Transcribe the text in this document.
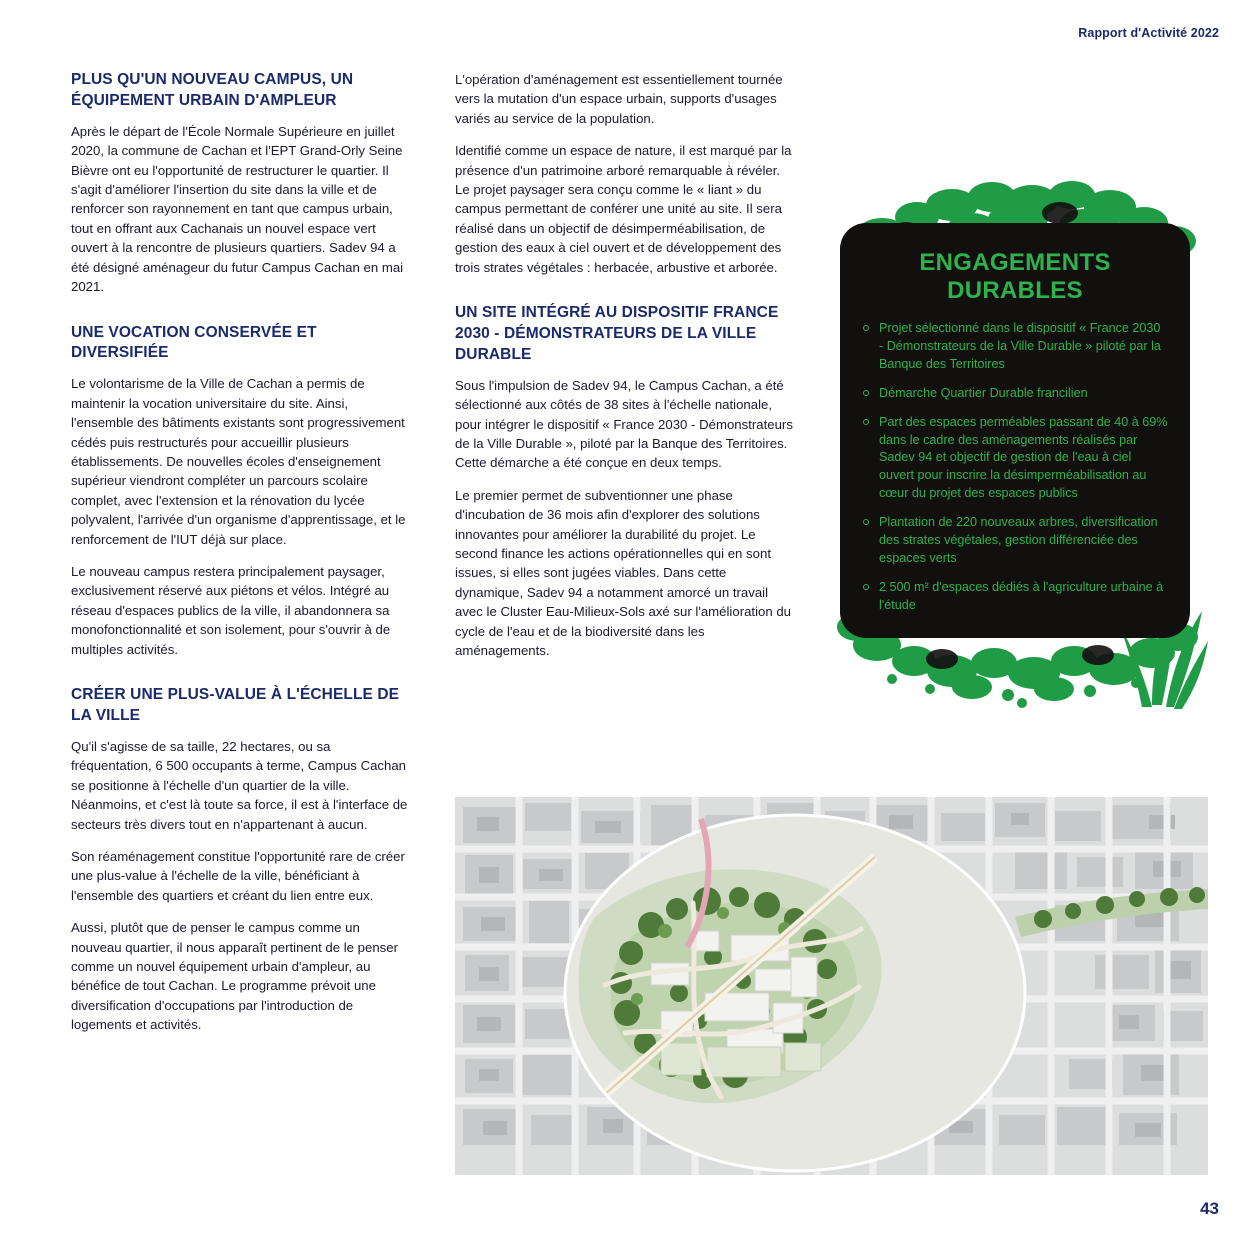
Rapport d'Activité 2022
PLUS QU'UN NOUVEAU CAMPUS, UN ÉQUIPEMENT URBAIN D'AMPLEUR

Après le départ de l'École Normale Supérieure en juillet 2020, la commune de Cachan et l'EPT Grand-Orly Seine Bièvre ont eu l'opportunité de restructurer le quartier. Il s'agit d'améliorer l'insertion du site dans la ville et de renforcer son rayonnement en tant que campus urbain, tout en offrant aux Cachanais un nouvel espace vert ouvert à la rencontre de plusieurs quartiers. Sadev 94 a été désigné aménageur du futur Campus Cachan en mai 2021.

UNE VOCATION CONSERVÉE ET DIVERSIFIÉE

Le volontarisme de la Ville de Cachan a permis de maintenir la vocation universitaire du site. Ainsi, l'ensemble des bâtiments existants sont progressivement cédés puis restructurés pour accueillir plusieurs établissements. De nouvelles écoles d'enseignement supérieur viendront compléter un parcours scolaire complet, avec l'extension et la rénovation du lycée polyvalent, l'arrivée d'un organisme d'apprentissage, et le renforcement de l'IUT déjà sur place.

Le nouveau campus restera principalement paysager, exclusivement réservé aux piétons et vélos. Intégré au réseau d'espaces publics de la ville, il abandonnera sa monofonctionnalité et son isolement, pour s'ouvrir à de multiples activités.

CRÉER UNE PLUS-VALUE À L'ÉCHELLE DE LA VILLE

Qu'il s'agisse de sa taille, 22 hectares, ou sa fréquentation, 6 500 occupants à terme, Campus Cachan se positionne à l'échelle d'un quartier de la ville. Néanmoins, et c'est là toute sa force, il est à l'interface de secteurs très divers tout en n'appartenant à aucun.

Son réaménagement constitue l'opportunité rare de créer une plus-value à l'échelle de la ville, bénéficiant à l'ensemble des quartiers et créant du lien entre eux.

Aussi, plutôt que de penser le campus comme un nouveau quartier, il nous apparaît pertinent de le penser comme un nouvel équipement urbain d'ampleur, au bénéfice de tout Cachan. Le programme prévoit une diversification d'occupations par l'introduction de logements et activités.

L'opération d'aménagement est essentiellement tournée vers la mutation d'un espace urbain, supports d'usages variés au service de la population.

Identifié comme un espace de nature, il est marqué par la présence d'un patrimoine arboré remarquable à révéler. Le projet paysager sera conçu comme le « liant » du campus permettant de conférer une unité au site. Il sera réalisé dans un objectif de désimperméabilisation, de gestion des eaux à ciel ouvert et de développement des trois strates végétales : herbacée, arbustive et arborée.

UN SITE INTÉGRÉ AU DISPOSITIF FRANCE 2030 - DÉMONSTRATEURS DE LA VILLE DURABLE

Sous l'impulsion de Sadev 94, le Campus Cachan, a été sélectionné aux côtés de 38 sites à l'échelle nationale, pour intégrer le dispositif « France 2030 - Démonstrateurs de la Ville Durable », piloté par la Banque des Territoires. Cette démarche a été conçue en deux temps.

Le premier permet de subventionner une phase d'incubation de 36 mois afin d'explorer des solutions innovantes pour améliorer la durabilité du projet. Le second finance les actions opérationnelles qui en sont issues, si elles sont jugées viables. Dans cette dynamique, Sadev 94 a notamment amorcé un travail avec le Cluster Eau-Milieux-Sols axé sur l'amélioration du cycle de l'eau et de la biodiversité dans les aménagements.

ENGAGEMENTS DURABLES
Projet sélectionné dans le dispositif « France 2030 - Démonstrateurs de la Ville Durable » piloté par la Banque des Territoires
Démarche Quartier Durable francilien
Part des espaces perméables passant de 40 à 69% dans le cadre des aménagements réalisés par Sadev 94 et objectif de gestion de l'eau à ciel ouvert pour inscrire la désimperméabilisation au cœur du projet des espaces publics
Plantation de 220 nouveaux arbres, diversification des strates végétales, gestion différenciée des espaces verts
2 500 m² d'espaces dédiés à l'agriculture urbaine à l'étude
43
